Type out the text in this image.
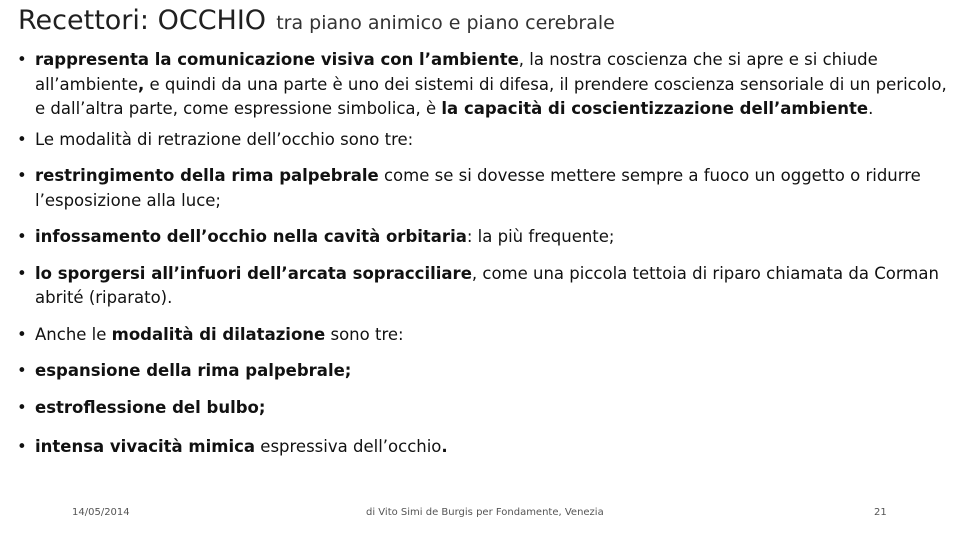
Recettori: OCCHIO tra piano animico e piano cerebrale
• rappresenta la comunicazione visiva con l’ambiente, la nostra coscienza che si apre e si chiude all’ambiente, e quindi da una parte è uno dei sistemi di difesa, il prendere coscienza sensoriale di un pericolo, e dall’altra parte, come espressione simbolica, è la capacità di coscientizzazione dell’ambiente.
• Le modalità di retrazione dell’occhio sono tre:
• restringimento della rima palpebrale come se si dovesse mettere sempre a fuoco un oggetto o ridurre l’esposizione alla luce;
• infossamento dell’occhio nella cavità orbitaria: la più frequente;
• lo sporgersi all’infuori dell’arcata sopracciliare, come una piccola tettoia di riparo chiamata da Corman abrité (riparato).
• Anche le modalità di dilatazione sono tre:
• espansione della rima palpebrale;
• estroflessione del bulbo;
• intensa vivacità mimica espressiva dell’occhio.
14/05/2014	di Vito Simi de Burgis per Fondamente, Venezia	21
